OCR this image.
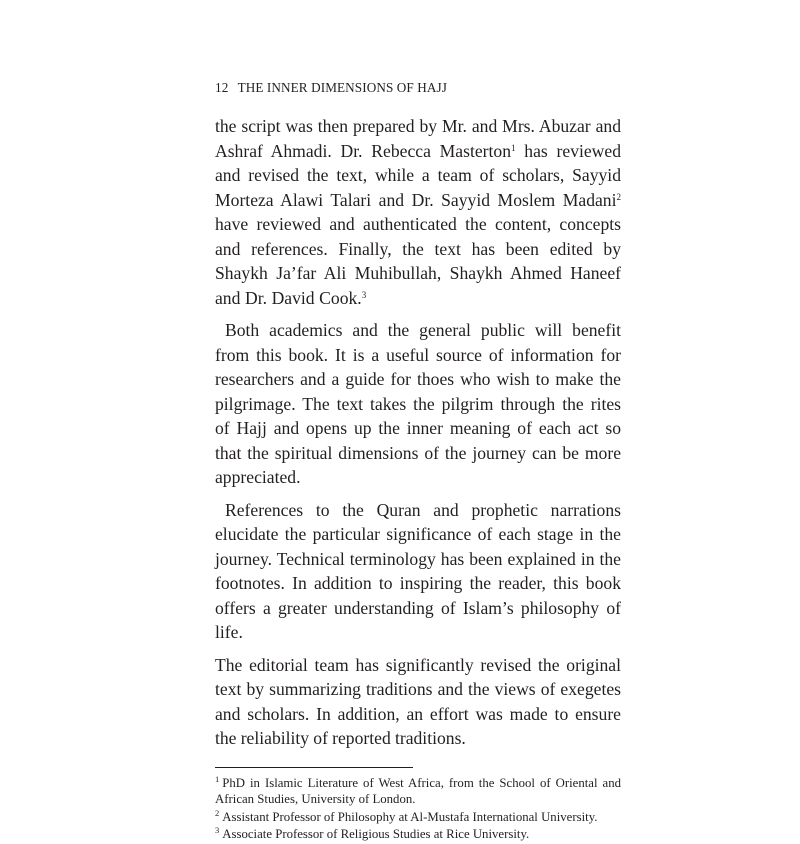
12 THE INNER DIMENSIONS OF HAJJ

the script was then prepared by Mr. and Mrs. Abuzar and Ashraf Ahmadi. Dr. Rebecca Masterton$^1$ has reviewed and revised the text, while a team of scholars, Sayyid Morteza Alawi Talari and Dr. Sayyid Moslem Madani$^2$ have reviewed and authenticated the content, concepts and references. Finally, the text has been edited by Shaykh Ja’far Ali Muhibullah, Shaykh Ahmed Haneef and Dr. David Cook.$^3$

Both academics and the general public will benefit from this book. It is a useful source of information for researchers and a guide for thoes who wish to make the pilgrimage. The text takes the pilgrim through the rites of Hajj and opens up the inner meaning of each act so that the spiritual dimensions of the journey can be more appreciated.

References to the Quran and prophetic narrations elucidate the particular significance of each stage in the journey. Technical terminology has been explained in the footnotes. In addition to inspiring the reader, this book offers a greater understanding of Islam’s philosophy of life.

The editorial team has significantly revised the original text by summarizing traditions and the views of exegetes and scholars. In addition, an effort was made to ensure the reliability of reported traditions.

$^1$ PhD in Islamic Literature of West Africa, from the School of Oriental and African Studies, University of London.

$^2$ Assistant Professor of Philosophy at Al-Mustafa International University.

$^3$ Associate Professor of Religious Studies at Rice University.
